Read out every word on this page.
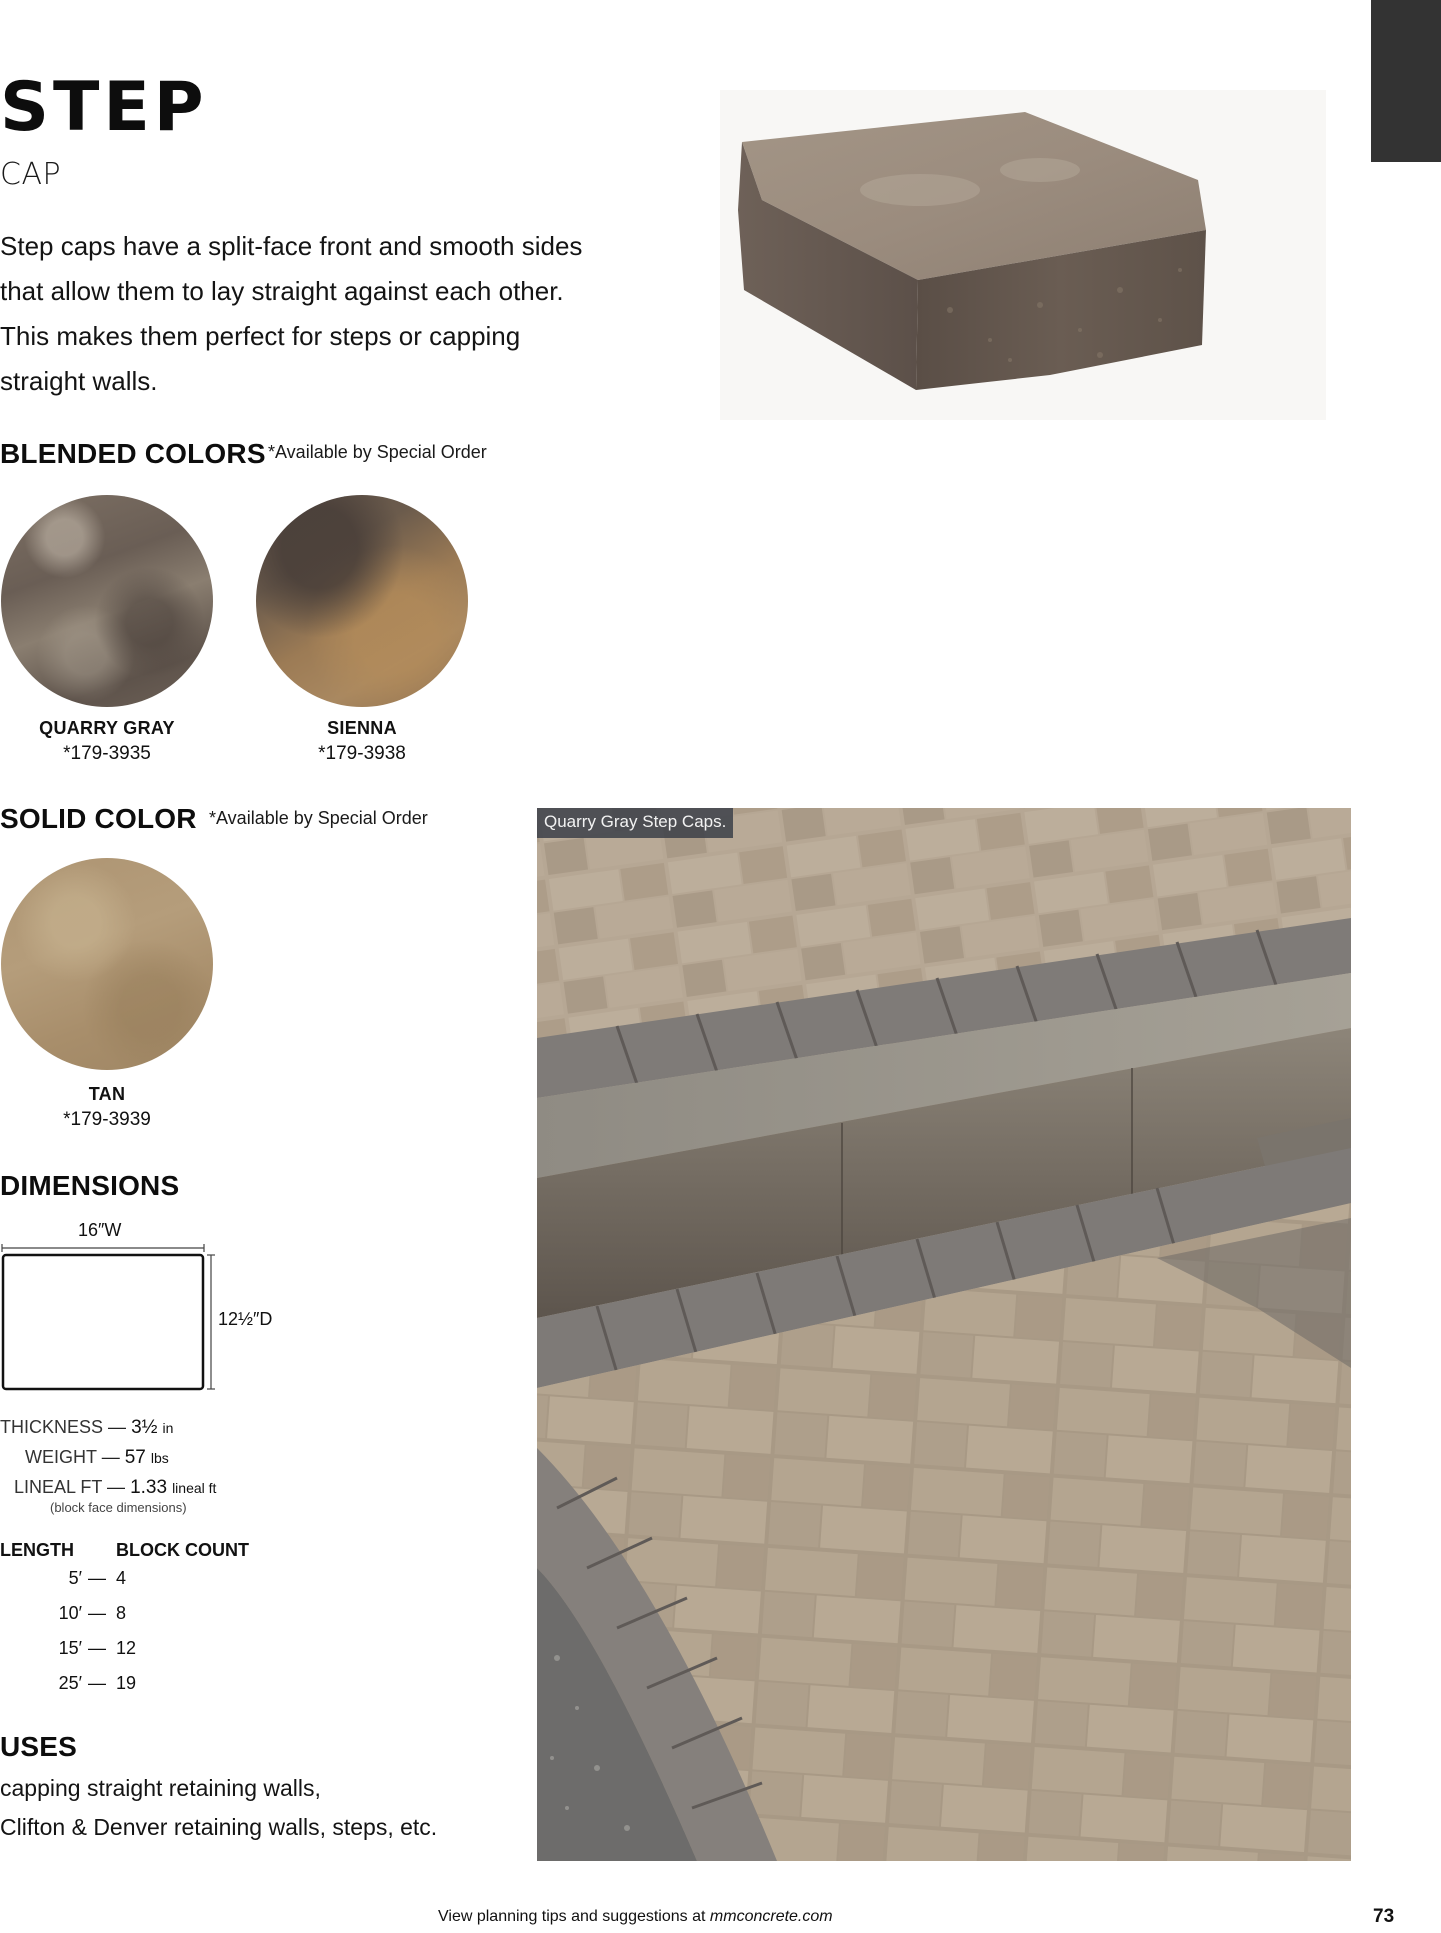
STEP
CAP
Step caps have a split-face front and smooth sides
that allow them to lay straight against each other.
This makes them perfect for steps or capping
straight walls.
BLENDED COLORS *Available by Special Order
QUARRY GRAY
*179-3935
SIENNA
*179-3938
SOLID COLOR *Available by Special Order
TAN
*179-3939
DIMENSIONS
16″W
12½″D
THICKNESS — 3½ in
WEIGHT — 57 lbs
LINEAL FT — 1.33 lineal ft
(block face dimensions)
LENGTH BLOCK COUNT
5′ — 4
10′ — 8
15′ — 12
25′ — 19
USES
capping straight retaining walls,
Clifton & Denver retaining walls, steps, etc.
Quarry Gray Step Caps.
View planning tips and suggestions at mmconcrete.com	73
